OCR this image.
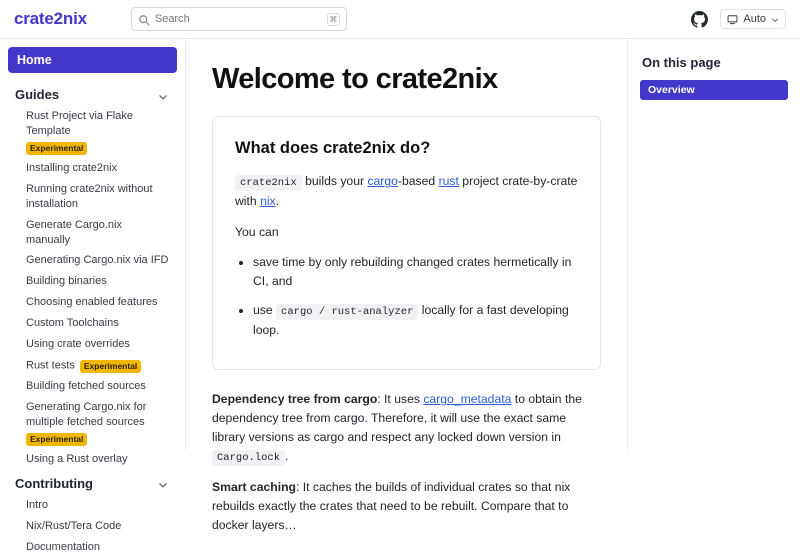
crate2nix
Search	⌘	Auto
Home
Guides
Rust Project via Flake Template
Experimental
Installing crate2nix
Running crate2nix without installation
Generate Cargo.nix manually
Generating Cargo.nix via IFD
Building binaries
Choosing enabled features
Custom Toolchains
Using crate overrides
Rust tests Experimental
Building fetched sources
Generating Cargo.nix for multiple fetched sources
Experimental
Using a Rust overlay
Contributing
Intro
Nix/Rust/Tera Code
Documentation
Welcome to crate2nix
What does crate2nix do?

crate2nix builds your cargo-based rust project crate-by-crate with nix.

You can

• save time by only rebuilding changed crates hermetically in CI, and
• use cargo / rust-analyzer locally for a fast developing loop.

Dependency tree from cargo: It uses cargo_metadata to obtain the dependency tree from cargo. Therefore, it will use the exact same library versions as cargo and respect any locked down version in Cargo.lock .

Smart caching: It caches the builds of individual crates so that nix rebuilds exactly the crates that need to be rebuilt. Compare that to docker layers…

On this page
Overview
